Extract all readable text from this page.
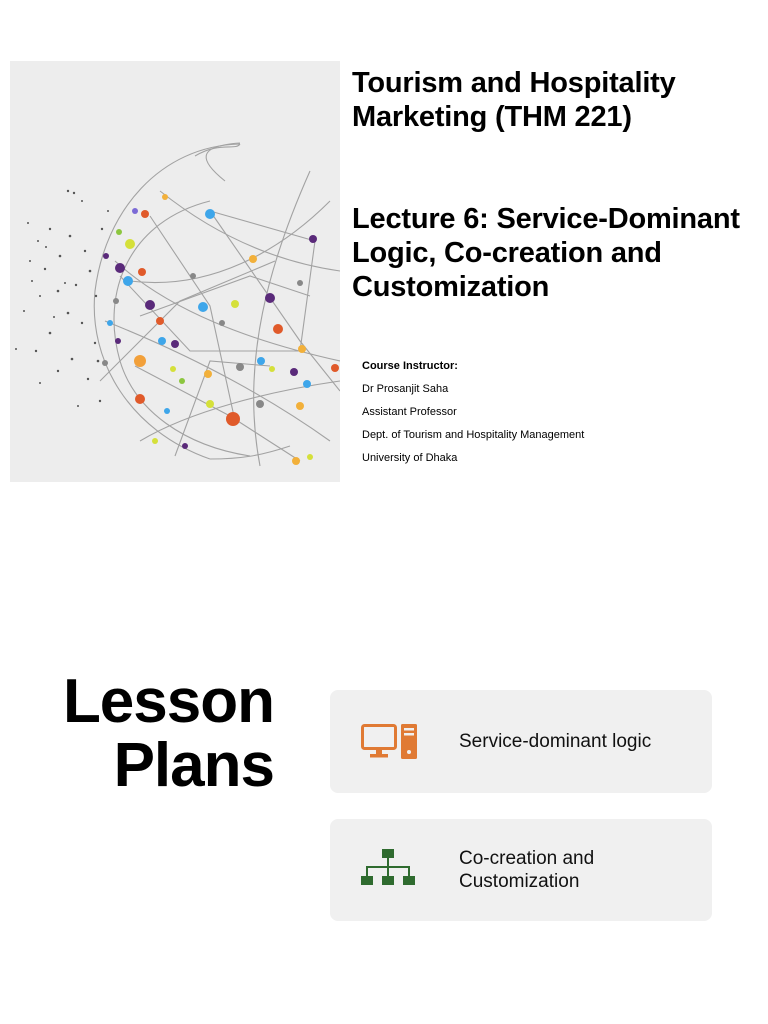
Tourism and Hospitality Marketing (THM 221)
Lecture 6: Service-Dominant Logic, Co-creation and Customization
Course Instructor:
Dr Prosanjit Saha
Assistant Professor
Dept. of Tourism and Hospitality Management
University of Dhaka
Lesson
Plans	Service-dominant logic
Co-creation and Customization
